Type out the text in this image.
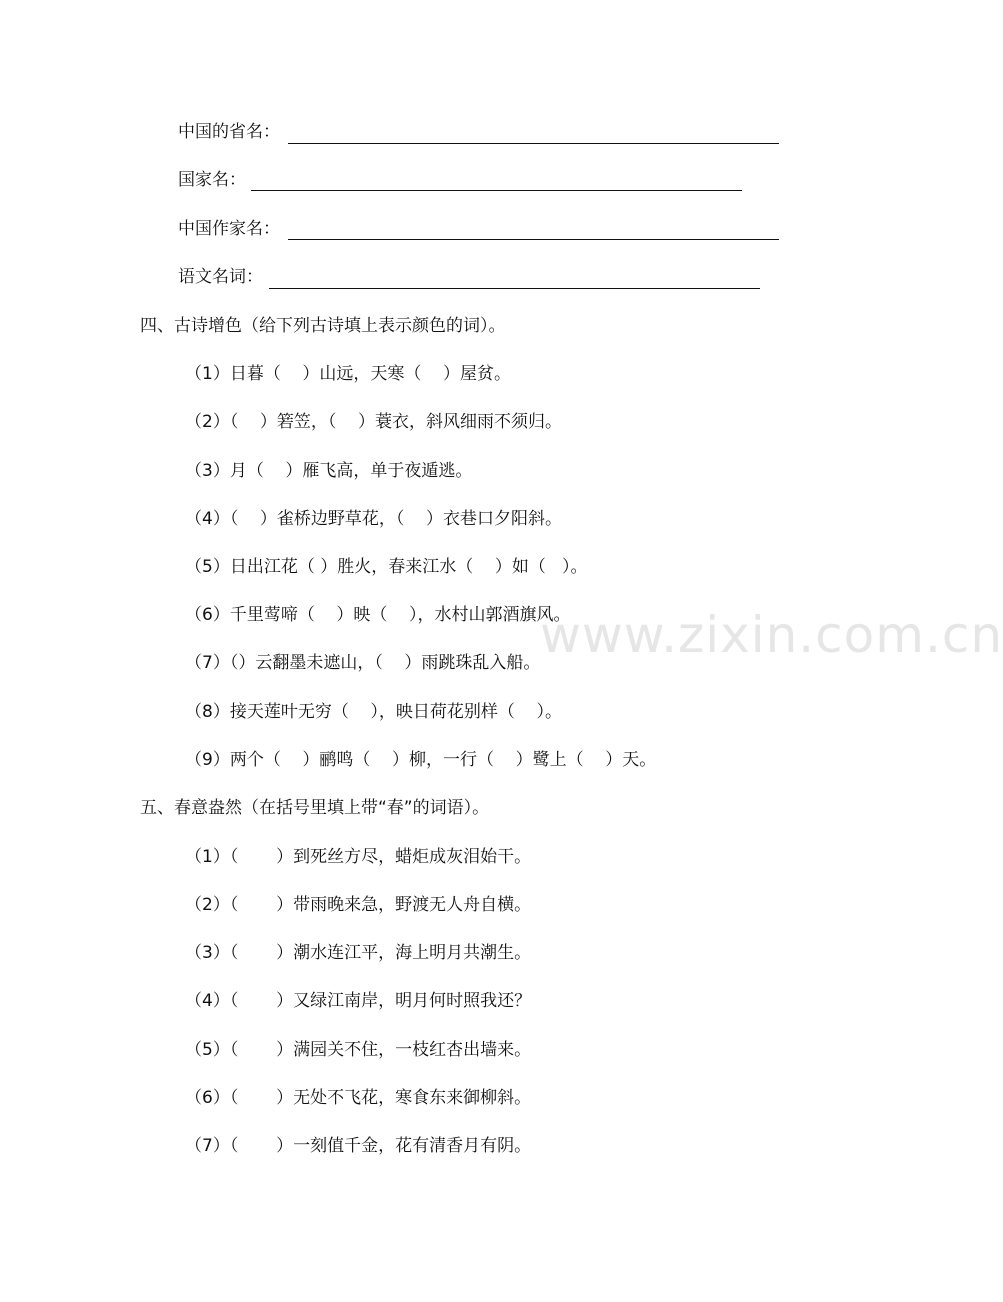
中国的省名：
国家名：
中国作家名：
语文名词：
四、古诗增色（给下列古诗填上表示颜色的词）。
（1）日暮（    ）山远，天寒（    ）屋贫。
（2）（    ）箬笠，（    ）蓑衣，斜风细雨不须归。
（3）月（    ）雁飞高，单于夜遁逃。
（4）（    ）雀桥边野草花，（    ）衣巷口夕阳斜。
（5）日出江花（ ）胜火，春来江水（    ）如（   ）。
（6）千里莺啼（    ）映（    ），水村山郭酒旗风。
（7）（）云翻墨未遮山，（    ）雨跳珠乱入船。
（8）接天莲叶无穷（    ），映日荷花别样（    ）。
（9）两个（    ）鹂鸣（    ）柳，一行（    ）鹭上（    ）天。
五、春意盎然（在括号里填上带“春”的词语）。
（1）（       ）到死丝方尽，蜡炬成灰泪始干。
（2）（       ）带雨晚来急，野渡无人舟自横。
（3）（       ）潮水连江平，海上明月共潮生。
（4）（       ）又绿江南岸，明月何时照我还？
（5）（       ）满园关不住，一枝红杏出墙来。
（6）（       ）无处不飞花，寒食东来御柳斜。
（7）（       ）一刻值千金，花有清香月有阴。
www.zixin.com.cn
